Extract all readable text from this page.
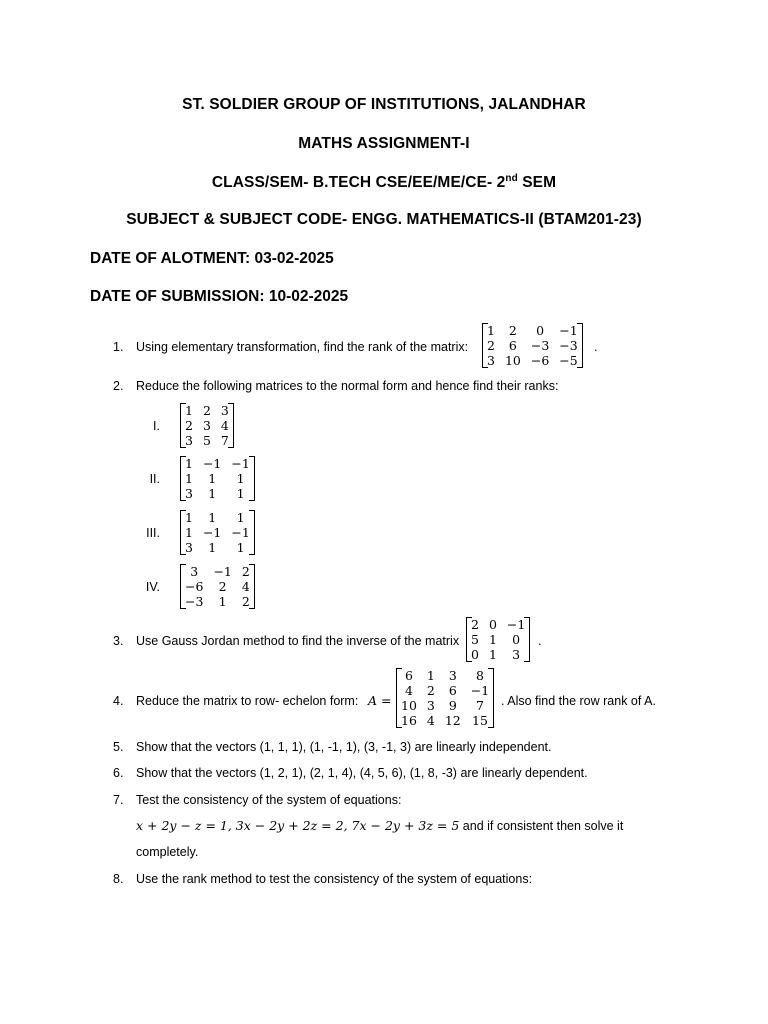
ST. SOLDIER GROUP OF INSTITUTIONS, JALANDHAR
MATHS ASSIGNMENT-I
CLASS/SEM- B.TECH CSE/EE/ME/CE- 2nd SEM
SUBJECT & SUBJECT CODE- ENGG. MATHEMATICS-II (BTAM201-23)
DATE OF ALOTMENT: 03-02-2025
DATE OF SUBMISSION: 10-02-2025
1. Using elementary transformation, find the rank of the matrix:
1	2	0	−1
2	6	−3	−3
3	10	−6	−5
.
2. Reduce the following matrices to the normal form and hence find their ranks:
I.
1	2	3
2	3	4
3	5	7
II.
1	−1	−1
1	1	1
3	1	1
III.
1	1	1
1	−1	−1
3	1	1
IV.
3	−1	2
−6	2	4
−3	1	2
3. Use Gauss Jordan method to find the inverse of the matrix
2	0	−1
5	1	0
0	1	3
.
4. Reduce the matrix to row- echelon form: A =
6	1	3	8
4	2	6	−1
10	3	9	7
16	4	12	15
. Also find the row rank of A.
5. Show that the vectors (1, 1, 1), (1, -1, 1), (3, -1, 3) are linearly independent.
6. Show that the vectors (1, 2, 1), (2, 1, 4), (4, 5, 6), (1, 8, -3) are linearly dependent.
7. Test the consistency of the system of equations:
x + 2y − z = 1, 3x − 2y + 2z = 2, 7x − 2y + 3z = 5 and if consistent then solve it
completely.
8. Use the rank method to test the consistency of the system of equations:
